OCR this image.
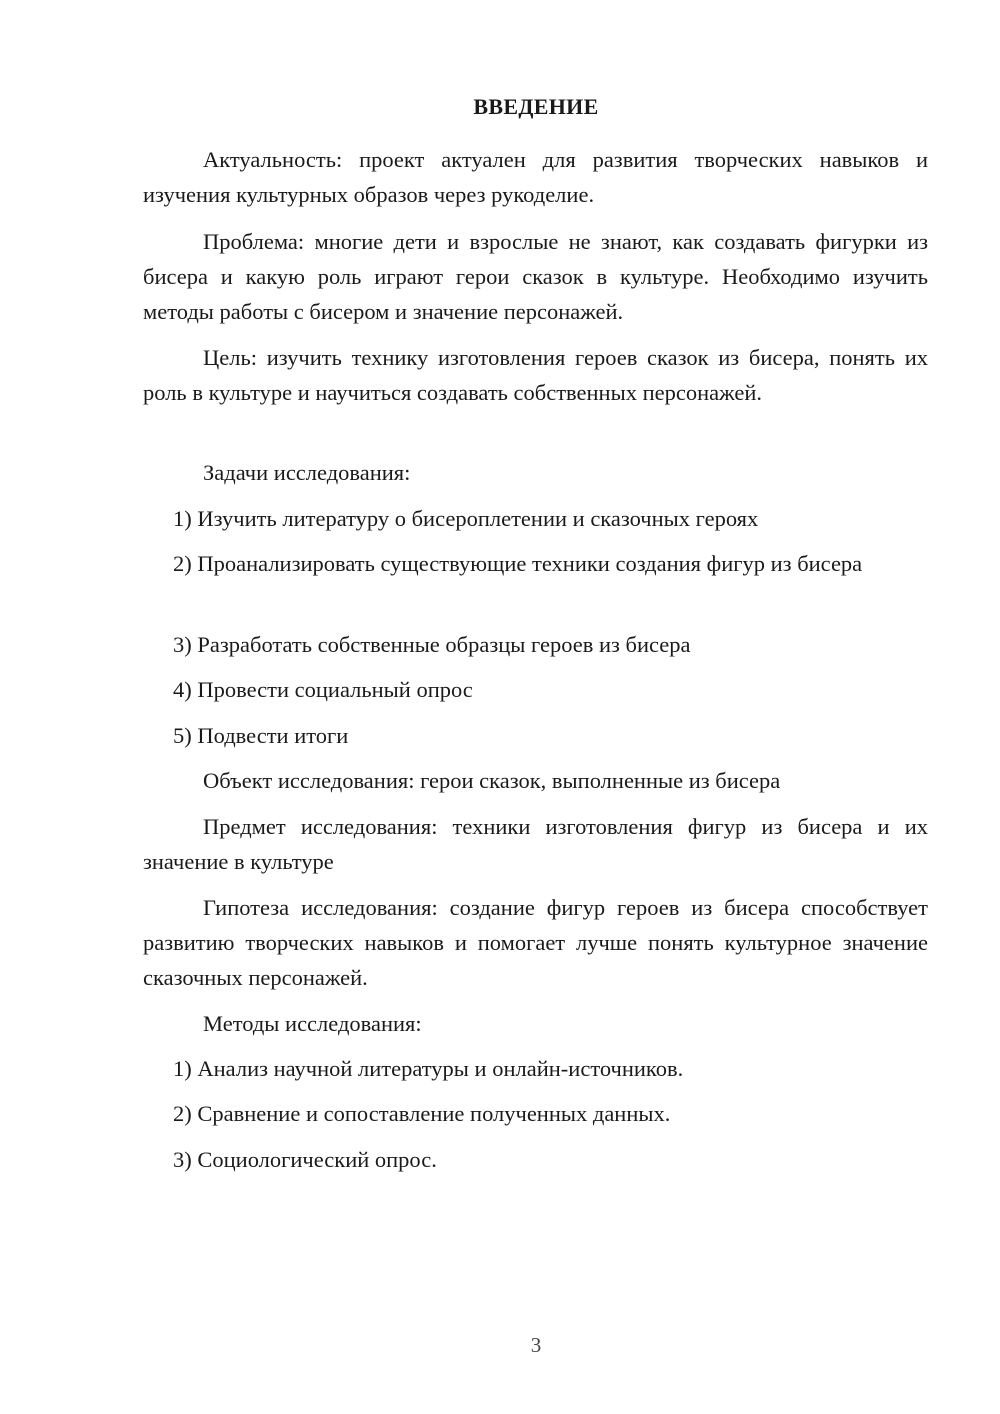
ВВЕДЕНИЕ

Актуальность: проект актуален для развития творческих навыков и изучения культурных образов через рукоделие.

Проблема: многие дети и взрослые не знают, как создавать фигурки из бисера и какую роль играют герои сказок в культуре. Необходимо изучить методы работы с бисером и значение персонажей.

Цель: изучить технику изготовления героев сказок из бисера, понять их роль в культуре и научиться создавать собственных персонажей.

Задачи исследования:

1) Изучить литературу о бисероплетении и сказочных героях

2) Проанализировать существующие техники создания фигур из бисера

3) Разработать собственные образцы героев из бисера

4) Провести социальный опрос

5) Подвести итоги

Объект исследования: герои сказок, выполненные из бисера

Предмет исследования: техники изготовления фигур из бисера и их значение в культуре

Гипотеза исследования: создание фигур героев из бисера способствует развитию творческих навыков и помогает лучше понять культурное значение сказочных персонажей.

Методы исследования:

1) Анализ научной литературы и онлайн-источников.

2) Сравнение и сопоставление полученных данных.

3) Социологический опрос.

3
